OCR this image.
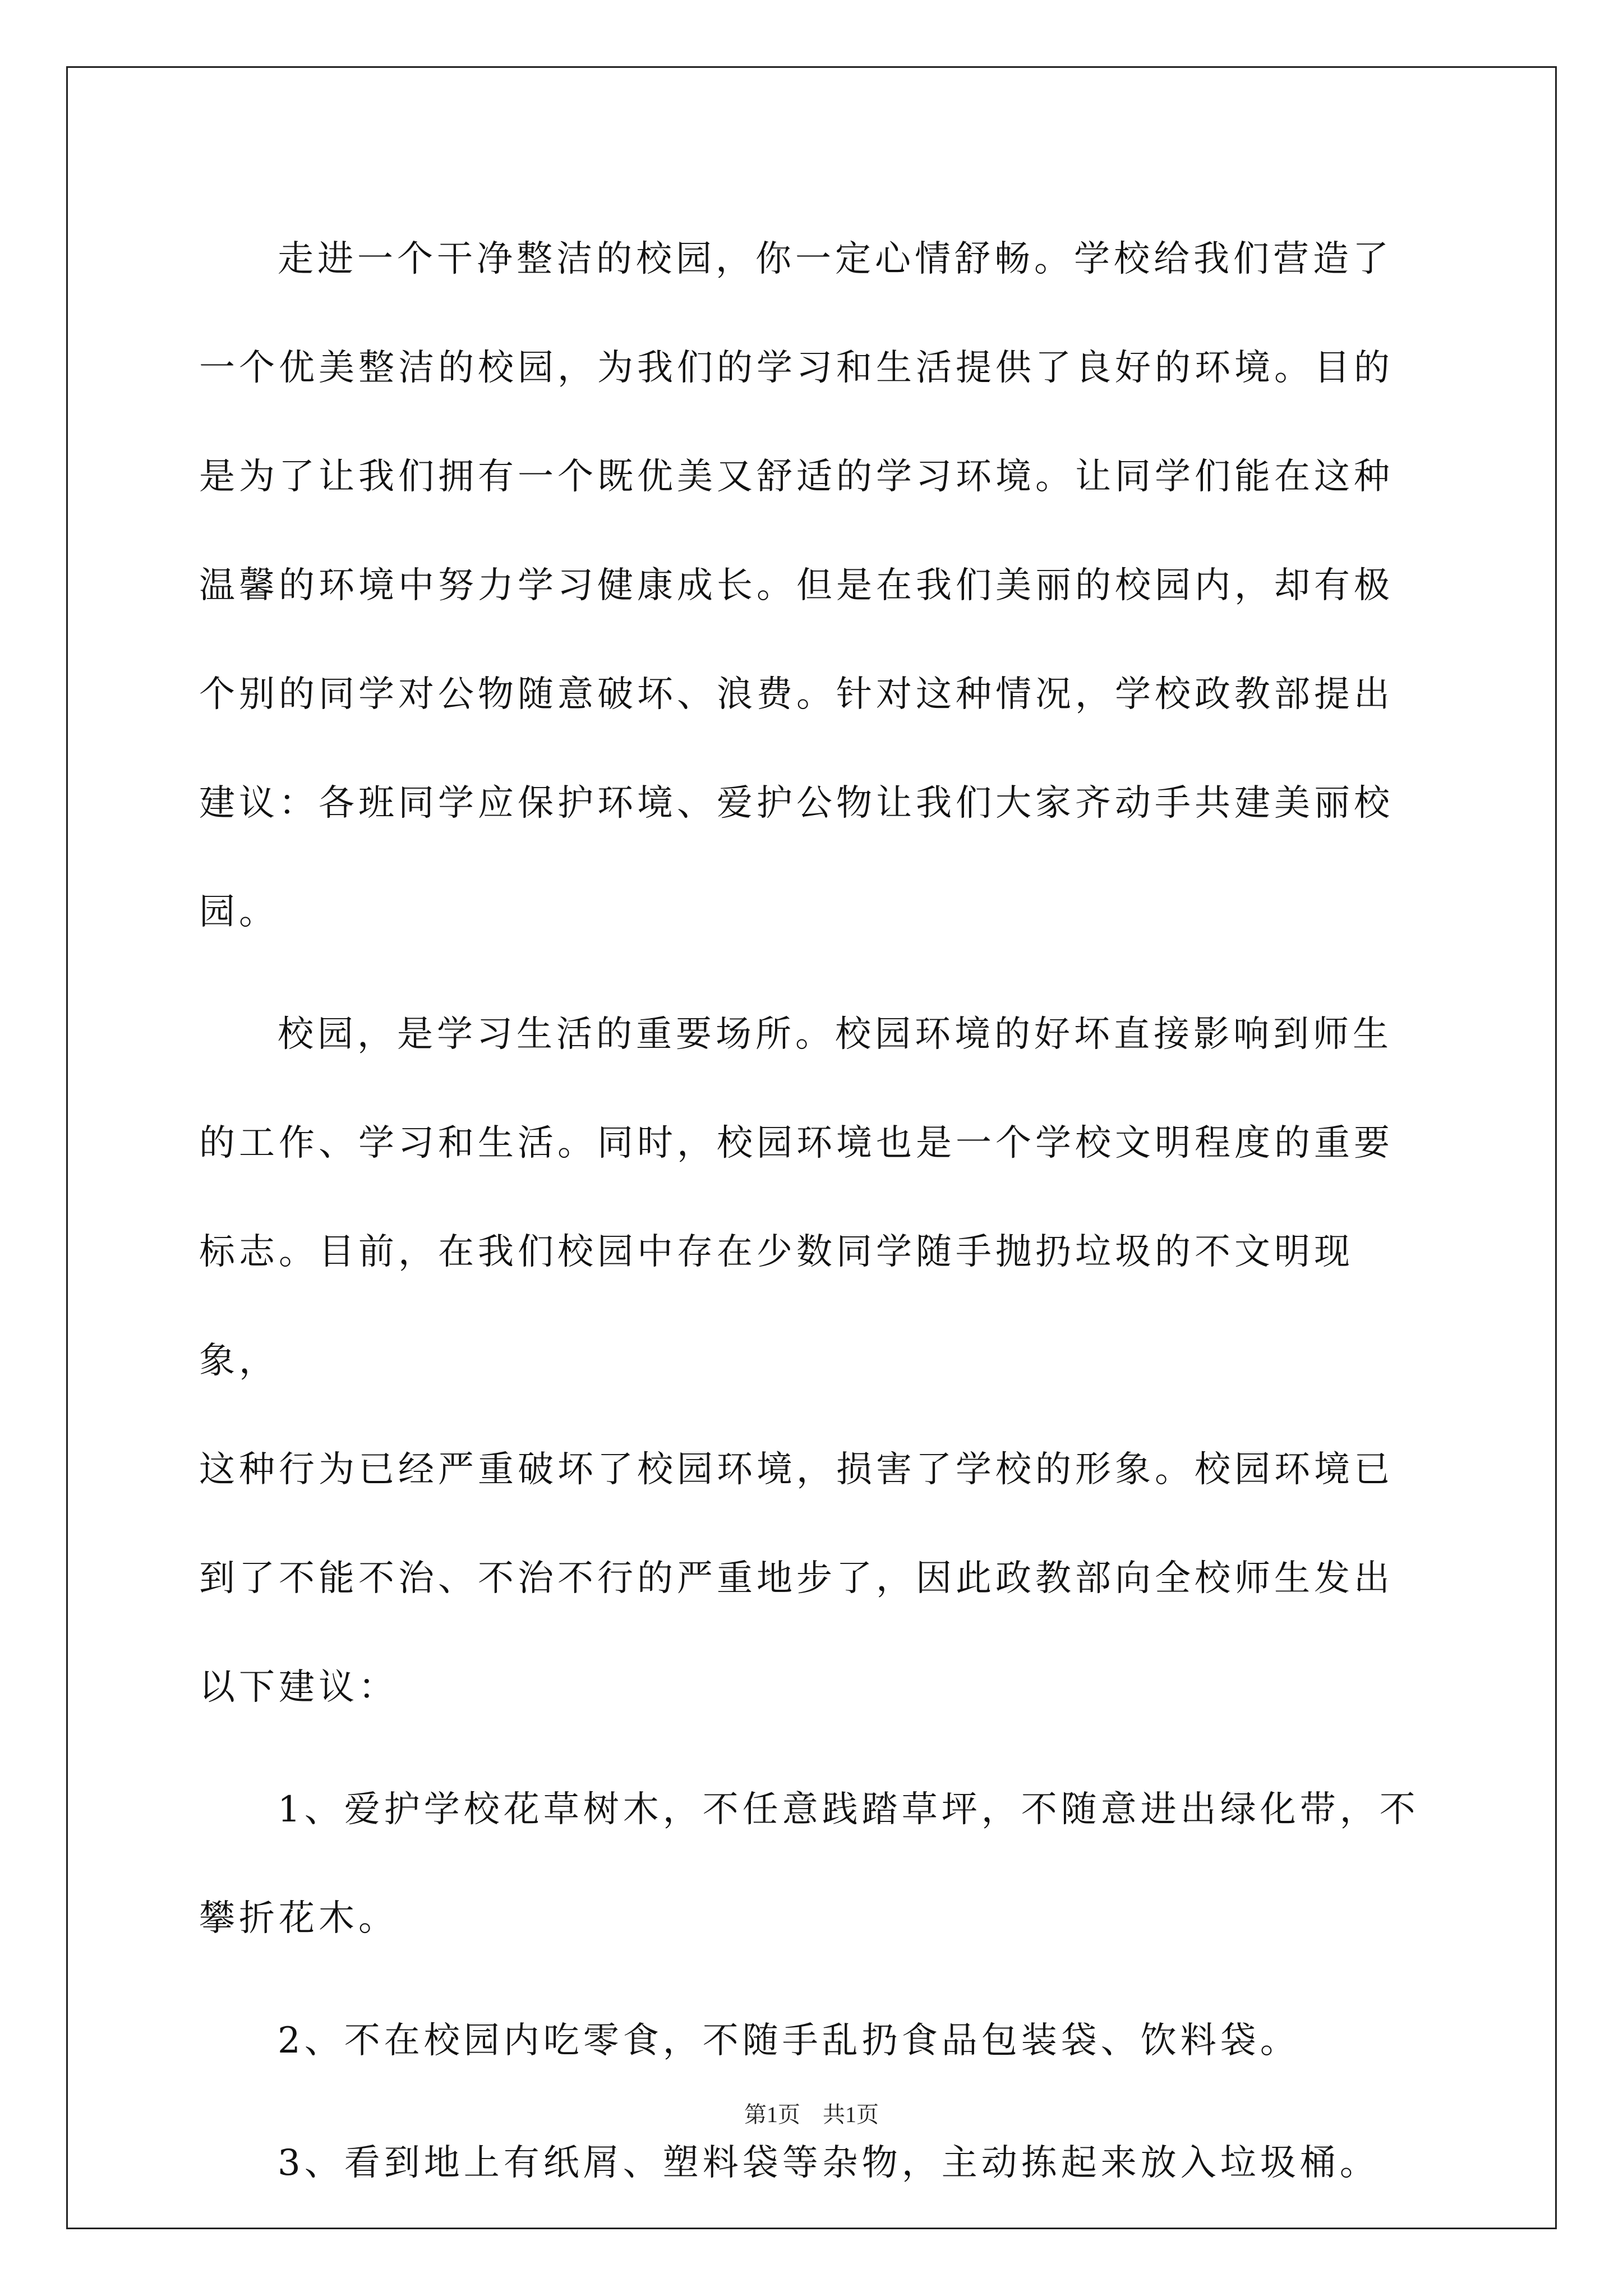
走进一个干净整洁的校园，你一定心情舒畅。学校给我们营造了
一个优美整洁的校园，为我们的学习和生活提供了良好的环境。目的
是为了让我们拥有一个既优美又舒适的学习环境。让同学们能在这种
温馨的环境中努力学习健康成长。但是在我们美丽的校园内，却有极
个别的同学对公物随意破坏、浪费。针对这种情况，学校政教部提出
建议：各班同学应保护环境、爱护公物让我们大家齐动手共建美丽校
园。

校园，是学习生活的重要场所。校园环境的好坏直接影响到师生
的工作、学习和生活。同时，校园环境也是一个学校文明程度的重要
标志。目前，在我们校园中存在少数同学随手抛扔垃圾的不文明现象，
这种行为已经严重破坏了校园环境，损害了学校的形象。校园环境已
到了不能不治、不治不行的严重地步了，因此政教部向全校师生发出
以下建议：

1、爱护学校花草树木，不任意践踏草坪，不随意进出绿化带，不
攀折花木。

2、不在校园内吃零食，不随手乱扔食品包装袋、饮料袋。

3、看到地上有纸屑、塑料袋等杂物，主动拣起来放入垃圾桶。

第1页 共1页
